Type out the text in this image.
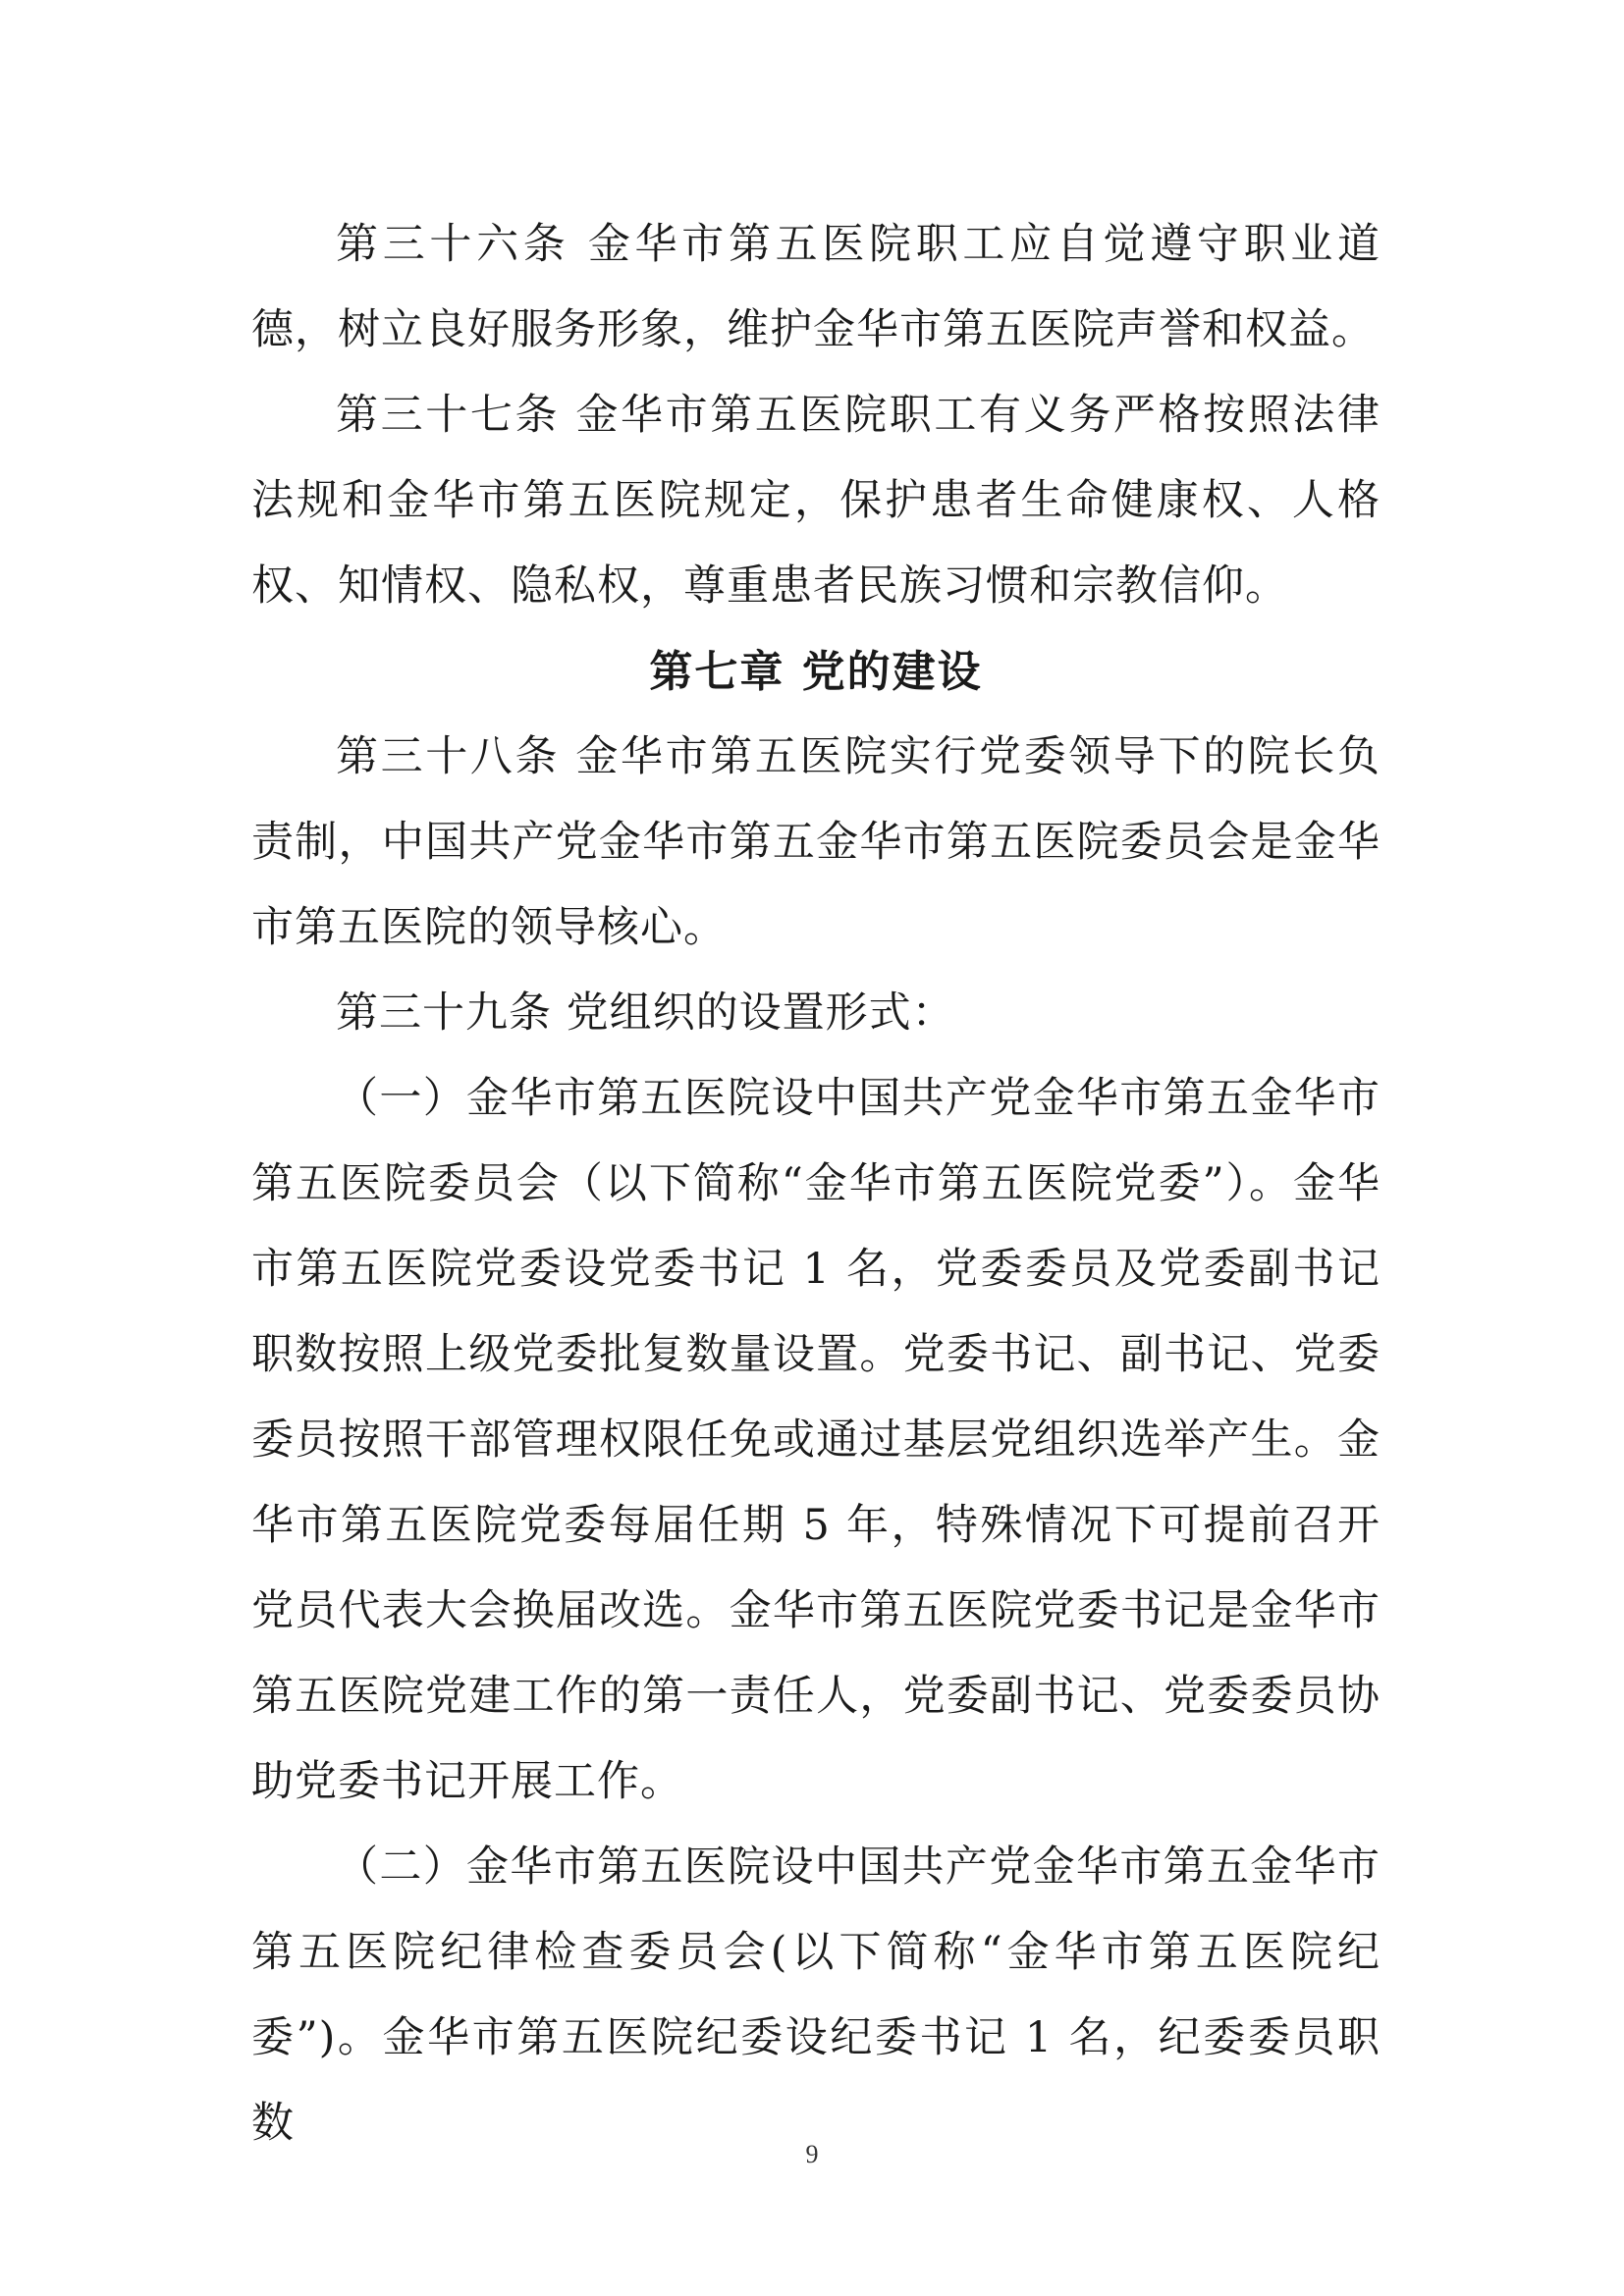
第三十六条 金华市第五医院职工应自觉遵守职业道德，树立良好服务形象，维护金华市第五医院声誉和权益。

第三十七条 金华市第五医院职工有义务严格按照法律法规和金华市第五医院规定，保护患者生命健康权、人格权、知情权、隐私权，尊重患者民族习惯和宗教信仰。

第七章 党的建设

第三十八条 金华市第五医院实行党委领导下的院长负责制，中国共产党金华市第五金华市第五医院委员会是金华市第五医院的领导核心。

第三十九条 党组织的设置形式：

（一）金华市第五医院设中国共产党金华市第五金华市第五医院委员会（以下简称“金华市第五医院党委”）。金华市第五医院党委设党委书记 1 名，党委委员及党委副书记职数按照上级党委批复数量设置。党委书记、副书记、党委委员按照干部管理权限任免或通过基层党组织选举产生。金华市第五医院党委每届任期 5 年，特殊情况下可提前召开党员代表大会换届改选。金华市第五医院党委书记是金华市第五医院党建工作的第一责任人，党委副书记、党委委员协助党委书记开展工作。

（二）金华市第五医院设中国共产党金华市第五金华市第五医院纪律检查委员会(以下简称“金华市第五医院纪委”)。金华市第五医院纪委设纪委书记 1 名，纪委委员职数

9
